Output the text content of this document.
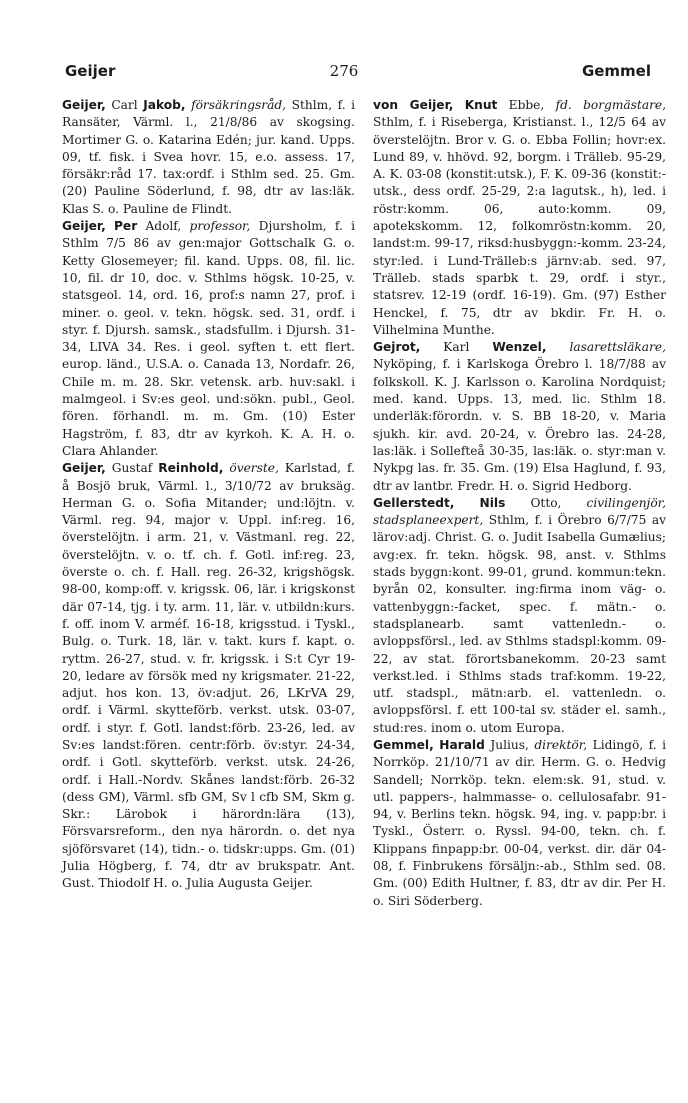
Geijer	276	Gemmel

Geijer, Carl Jakob, försäkringsråd, Sthlm, f. i Ransäter, Värml. l., 21/8/86 av skogsing. Mortimer G. o. Katarina Edén; jur. kand. Upps. 09, tf. fisk. i Svea hovr. 15, e.o. assess. 17, försäkr:råd 17. tax:ordf. i Sthlm sed. 25. Gm. (20) Pauline Söderlund, f. 98, dtr av las:läk. Klas S. o. Pauline de Flindt.

Geijer, Per Adolf, professor, Djursholm, f. i Sthlm 7/5 86 av gen:major Gottschalk G. o. Ketty Glosemeyer; fil. kand. Upps. 08, fil. lic. 10, fil. dr 10, doc. v. Sthlms högsk. 10-25, v. statsgeol. 14, ord. 16, prof:s namn 27, prof. i miner. o. geol. v. tekn. högsk. sed. 31, ordf. i styr. f. Djursh. samsk., stadsfullm. i Djursh. 31-34, LIVA 34. Res. i geol. syften t. ett flert. europ. länd., U.S.A. o. Canada 13, Nordafr. 26, Chile m. m. 28. Skr. vetensk. arb. huv:sakl. i malmgeol. i Sv:es geol. und:sökn. publ., Geol. fören. förhandl. m. m. Gm. (10) Ester Hagström, f. 83, dtr av kyrkoh. K. A. H. o. Clara Ahlander.

Geijer, Gustaf Reinhold, överste, Karlstad, f. å Bosjö bruk, Värml. l., 3/10/72 av bruksäg. Herman G. o. Sofia Mitander; und:löjtn. v. Värml. reg. 94, major v. Uppl. inf:reg. 16, överstelöjtn. i arm. 21, v. Västmanl. reg. 22, överstelöjtn. v. o. tf. ch. f. Gotl. inf:reg. 23, överste o. ch. f. Hall. reg. 26-32, krigshögsk. 98-00, komp:off. v. krigssk. 06, lär. i krigskonst där 07-14, tjg. i ty. arm. 11, lär. v. utbildn:kurs. f. off. inom V. arméf. 16-18, krigsstud. i Tyskl., Bulg. o. Turk. 18, lär. v. takt. kurs f. kapt. o. ryttm. 26-27, stud. v. fr. krigssk. i S:t Cyr 19-20, ledare av försök med ny krigsmater. 21-22, adjut. hos kon. 13, öv:adjut. 26, LKrVA 29, ordf. i Värml. skytteförb. verkst. utsk. 03-07, ordf. i styr. f. Gotl. landst:förb. 23-26, led. av Sv:es landst:fören. centr:förb. öv:styr. 24-34, ordf. i Gotl. skytteförb. verkst. utsk. 24-26, ordf. i Hall.-Nordv. Skånes landst:förb. 26-32 (dess GM), Värml. sfb GM, Sv l cfb SM, Skm g. Skr.: Lärobok i härordn:lära (13), Försvarsreform., den nya härordn. o. det nya sjöförsvaret (14), tidn.- o. tidskr:upps. Gm. (01) Julia Högberg, f. 74, dtr av brukspatr. Ant. Gust. Thiodolf H. o. Julia Augusta Geijer.

von Geijer, Knut Ebbe, fd. borgmästare, Sthlm, f. i Riseberga, Kristianst. l., 12/5 64 av överstelöjtn. Bror v. G. o. Ebba Follin; hovr:ex. Lund 89, v. hhövd. 92, borgm. i Trälleb. 95-29, A. K. 03-08 (konstit:utsk.), F. K. 09-36 (konstit:-utsk., dess ordf. 25-29, 2:a lagutsk., h), led. i röstr:komm. 06, auto:komm. 09, apotekskomm. 12, folkomröstn:komm. 20, landst:m. 99-17, riksd:husbyggn:-komm. 23-24, styr:led. i Lund-Trälleb:s järnv:ab. sed. 97, Trälleb. stads sparbk t. 29, ordf. i styr., statsrev. 12-19 (ordf. 16-19). Gm. (97) Esther Henckel, f. 75, dtr av bkdir. Fr. H. o. Vilhelmina Munthe.

Gejrot, Karl Wenzel, lasarettsläkare, Nyköping, f. i Karlskoga Örebro l. 18/7/88 av folkskoll. K. J. Karlsson o. Karolina Nordquist; med. kand. Upps. 13, med. lic. Sthlm 18. underläk:förordn. v. S. BB 18-20, v. Maria sjukh. kir. avd. 20-24, v. Örebro las. 24-28, las:läk. i Sollefteå 30-35, las:läk. o. styr:man v. Nykpg las. fr. 35. Gm. (19) Elsa Haglund, f. 93, dtr av lantbr. Fredr. H. o. Sigrid Hedborg.

Gellerstedt, Nils Otto, civilingenjör, stadsplaneexpert, Sthlm, f. i Örebro 6/7/75 av lärov:adj. Christ. G. o. Judit Isabella Gumælius; avg:ex. fr. tekn. högsk. 98, anst. v. Sthlms stads byggn:kont. 99-01, grund. kommun:tekn. byrån 02, konsulter. ing:firma inom väg- o. vattenbyggn:-facket, spec. f. mätn.- o. stadsplanearb. samt vattenledn.- o. avloppsförsl., led. av Sthlms stadspl:komm. 09-22, av stat. förortsbanekomm. 20-23 samt verkst.led. i Sthlms stads traf:komm. 19-22, utf. stadspl., mätn:arb. el. vattenledn. o. avloppsförsl. f. ett 100-tal sv. städer el. samh., stud:res. inom o. utom Europa.

Gemmel, Harald Julius, direktör, Lidingö, f. i Norrköp. 21/10/71 av dir. Herm. G. o. Hedvig Sandell; Norrköp. tekn. elem:sk. 91, stud. v. utl. pappers-, halmmasse- o. cellulosafabr. 91-94, v. Berlins tekn. högsk. 94, ing. v. papp:br. i Tyskl., Österr. o. Ryssl. 94-00, tekn. ch. f. Klippans finpapp:br. 00-04, verkst. dir. där 04-08, f. Finbrukens försäljn:-ab., Sthlm sed. 08. Gm. (00) Edith Hultner, f. 83, dtr av dir. Per H. o. Siri Söderberg.
